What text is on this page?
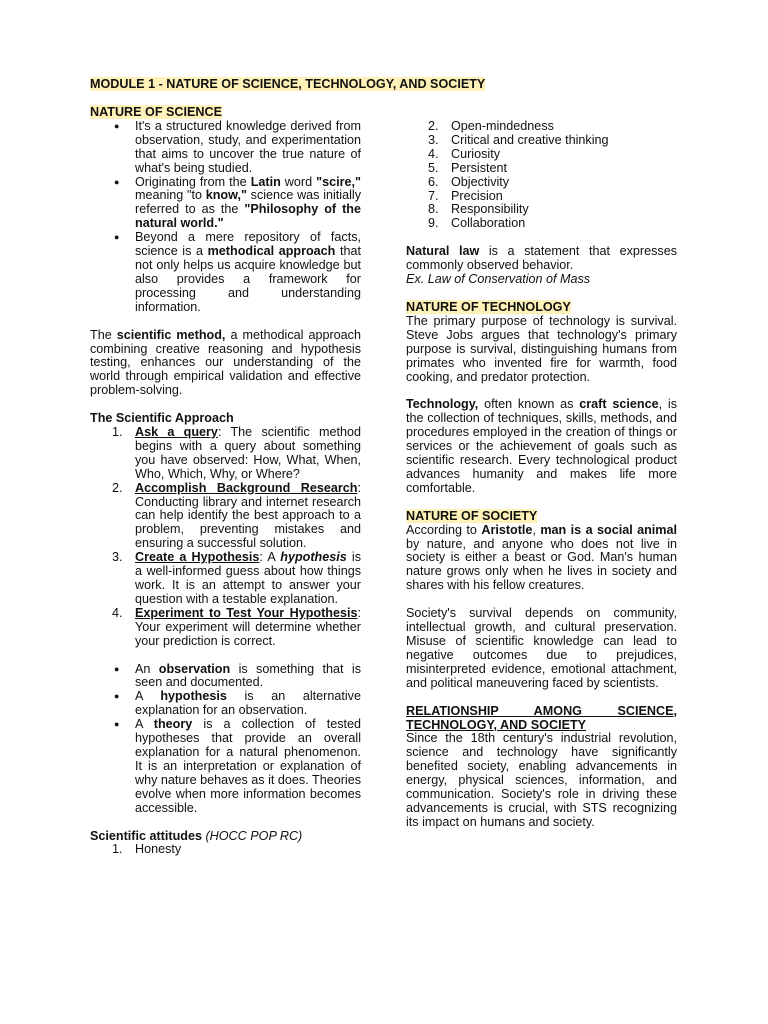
MODULE 1 - NATURE OF SCIENCE, TECHNOLOGY, AND SOCIETY

NATURE OF SCIENCE

● It's a structured knowledge derived from observation, study, and experimentation that aims to uncover the true nature of what's being studied.
● Originating from the Latin word "scire," meaning "to know," science was initially referred to as the "Philosophy of the natural world."
● Beyond a mere repository of facts, science is a methodical approach that not only helps us acquire knowledge but also provides a framework for processing and understanding information.

The scientific method, a methodical approach combining creative reasoning and hypothesis testing, enhances our understanding of the world through empirical validation and effective problem-solving.

The Scientific Approach

1. Ask a query: The scientific method begins with a query about something you have observed: How, What, When, Who, Which, Why, or Where?
2. Accomplish Background Research: Conducting library and internet research can help identify the best approach to a problem, preventing mistakes and ensuring a successful solution.
3. Create a Hypothesis: A hypothesis is a well-informed guess about how things work. It is an attempt to answer your question with a testable explanation.
4. Experiment to Test Your Hypothesis: Your experiment will determine whether your prediction is correct.
● An observation is something that is seen and documented.
● A hypothesis is an alternative explanation for an observation.
● A theory is a collection of tested hypotheses that provide an overall explanation for a natural phenomenon. It is an interpretation or explanation of why nature behaves as it does. Theories evolve when more information becomes accessible.

Scientific attitudes (HOCC POP RC)

1. Honesty
2. Open-mindedness
3. Critical and creative thinking
4. Curiosity
5. Persistent
6. Objectivity
7. Precision
8. Responsibility
9. Collaboration

Natural law is a statement that expresses commonly observed behavior.

Ex. Law of Conservation of Mass

NATURE OF TECHNOLOGY

The primary purpose of technology is survival. Steve Jobs argues that technology's primary purpose is survival, distinguishing humans from primates who invented fire for warmth, food cooking, and predator protection.

Technology, often known as craft science, is the collection of techniques, skills, methods, and procedures employed in the creation of things or services or the achievement of goals such as scientific research. Every technological product advances humanity and makes life more comfortable.

NATURE OF SOCIETY

According to Aristotle, man is a social animal by nature, and anyone who does not live in society is either a beast or God. Man's human nature grows only when he lives in society and shares with his fellow creatures.

Society's survival depends on community, intellectual growth, and cultural preservation. Misuse of scientific knowledge can lead to negative outcomes due to prejudices, misinterpreted evidence, emotional attachment, and political maneuvering faced by scientists.

RELATIONSHIP AMONG SCIENCE, TECHNOLOGY, AND SOCIETY

Since the 18th century's industrial revolution, science and technology have significantly benefited society, enabling advancements in energy, physical sciences, information, and communication. Society's role in driving these advancements is crucial, with STS recognizing its impact on humans and society.
